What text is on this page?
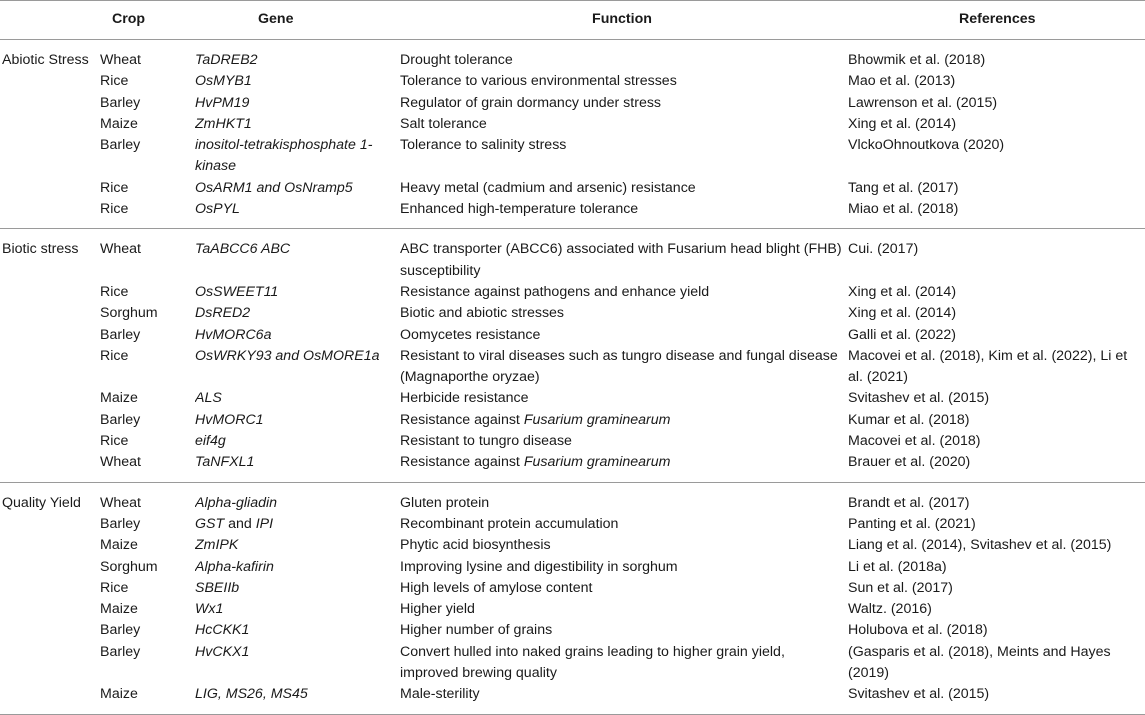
	Crop	Gene	Function	References
Abiotic Stress	Wheat	TaDREB2	Drought tolerance	Bhowmik et al. (2018)
	Rice	OsMYB1	Tolerance to various environmental stresses	Mao et al. (2013)
	Barley	HvPM19	Regulator of grain dormancy under stress	Lawrenson et al. (2015)
	Maize	ZmHKT1	Salt tolerance	Xing et al. (2014)
	Barley	inositol-tetrakisphosphate 1-kinase	Tolerance to salinity stress	VlckoOhnoutkova (2020)
	Rice	OsARM1 and OsNramp5	Heavy metal (cadmium and arsenic) resistance	Tang et al. (2017)
	Rice	OsPYL	Enhanced high-temperature tolerance	Miao et al. (2018)
Biotic stress	Wheat	TaABCC6 ABC	ABC transporter (ABCC6) associated with Fusarium head blight (FHB) susceptibility	Cui. (2017)
	Rice	OsSWEET11	Resistance against pathogens and enhance yield	Xing et al. (2014)
	Sorghum	DsRED2	Biotic and abiotic stresses	Xing et al. (2014)
	Barley	HvMORC6a	Oomycetes resistance	Galli et al. (2022)
	Rice	OsWRKY93 and OsMORE1a	Resistant to viral diseases such as tungro disease and fungal disease (Magnaporthe oryzae)	Macovei et al. (2018), Kim et al. (2022), Li et al. (2021)
	Maize	ALS	Herbicide resistance	Svitashev et al. (2015)
	Barley	HvMORC1	Resistance against Fusarium graminearum	Kumar et al. (2018)
	Rice	eif4g	Resistant to tungro disease	Macovei et al. (2018)
	Wheat	TaNFXL1	Resistance against Fusarium graminearum	Brauer et al. (2020)
Quality Yield	Wheat	Alpha-gliadin	Gluten protein	Brandt et al. (2017)
	Barley	GST and IPI	Recombinant protein accumulation	Panting et al. (2021)
	Maize	ZmIPK	Phytic acid biosynthesis	Liang et al. (2014), Svitashev et al. (2015)
	Sorghum	Alpha-kafirin	Improving lysine and digestibility in sorghum	Li et al. (2018a)
	Rice	SBEIIb	High levels of amylose content	Sun et al. (2017)
	Maize	Wx1	Higher yield	Waltz. (2016)
	Barley	HcCKK1	Higher number of grains	Holubova et al. (2018)
	Barley	HvCKX1	Convert hulled into naked grains leading to higher grain yield, improved brewing quality	(Gasparis et al. (2018), Meints and Hayes (2019)
	Maize	LIG, MS26, MS45	Male-sterility	Svitashev et al. (2015)
